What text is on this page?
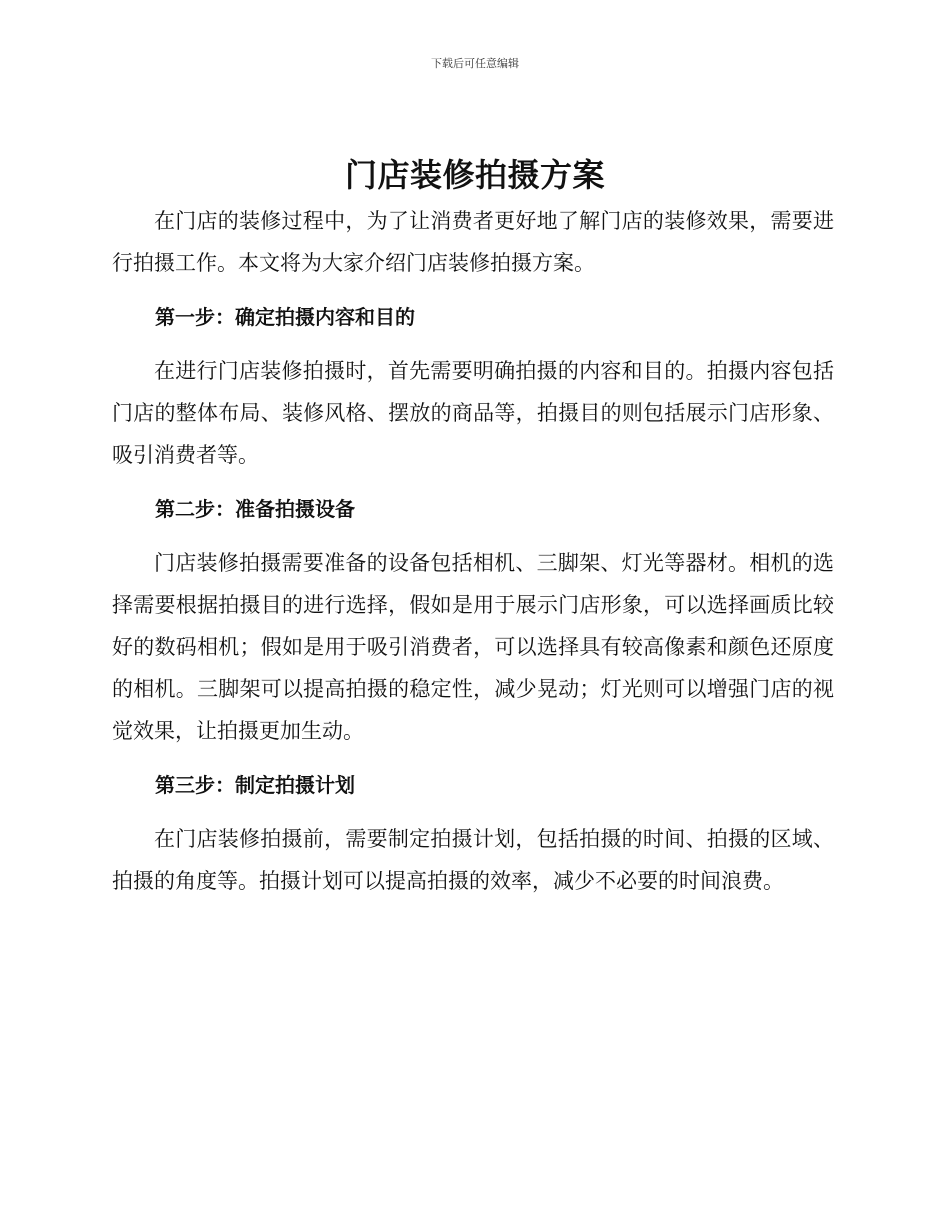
下载后可任意编辑
门店装修拍摄方案

在门店的装修过程中，为了让消费者更好地了解门店的装修效果，需要进行拍摄工作。本文将为大家介绍门店装修拍摄方案。

第一步：确定拍摄内容和目的

在进行门店装修拍摄时，首先需要明确拍摄的内容和目的。拍摄内容包括门店的整体布局、装修风格、摆放的商品等，拍摄目的则包括展示门店形象、吸引消费者等。

第二步：准备拍摄设备

门店装修拍摄需要准备的设备包括相机、三脚架、灯光等器材。相机的选择需要根据拍摄目的进行选择，假如是用于展示门店形象，可以选择画质比较好的数码相机；假如是用于吸引消费者，可以选择具有较高像素和颜色还原度的相机。三脚架可以提高拍摄的稳定性，减少晃动；灯光则可以增强门店的视觉效果，让拍摄更加生动。

第三步：制定拍摄计划

在门店装修拍摄前，需要制定拍摄计划，包括拍摄的时间、拍摄的区域、拍摄的角度等。拍摄计划可以提高拍摄的效率，减少不必要的时间浪费。
